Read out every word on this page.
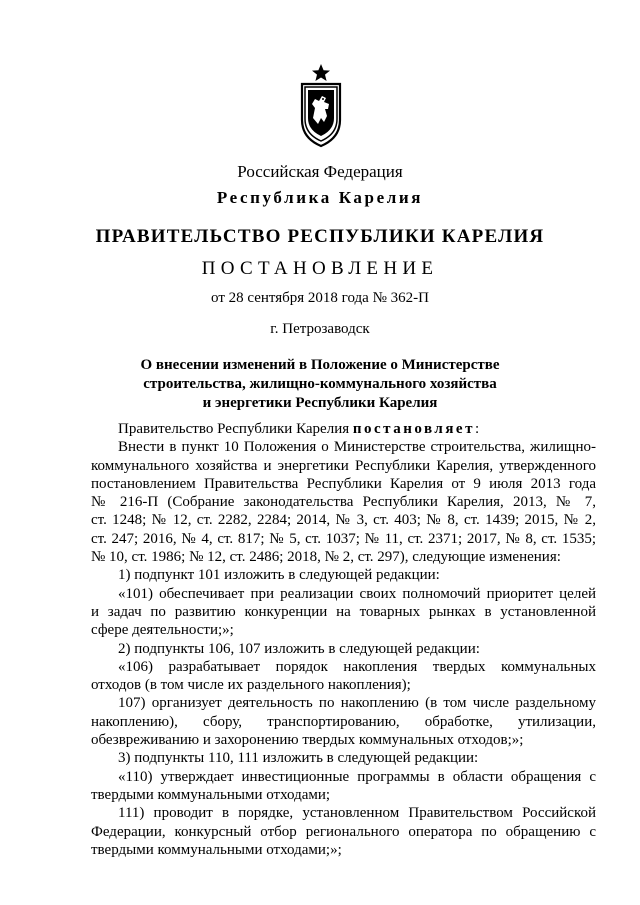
Российская Федерация
Республика Карелия
ПРАВИТЕЛЬСТВО РЕСПУБЛИКИ КАРЕЛИЯ
ПОСТАНОВЛЕНИЕ
от 28 сентября 2018 года № 362-П
г. Петрозаводск
О внесении изменений в Положение о Министерстве
строительства, жилищно-коммунального хозяйства
и энергетики Республики Карелия

Правительство Республики Карелия постановляет:

Внести в пункт 10 Положения о Министерстве строительства, жилищно-

коммунального хозяйства и энергетики Республики Карелия, утвержденного

постановлением Правительства Республики Карелия от 9 июля 2013 года

№ 216-П (Собрание законодательства Республики Карелия, 2013, № 7,

ст. 1248; № 12, ст. 2282, 2284; 2014, № 3, ст. 403; № 8, ст. 1439; 2015, № 2,

ст. 247; 2016, № 4, ст. 817; № 5, ст. 1037; № 11, ст. 2371; 2017, № 8, ст. 1535;

№ 10, ст. 1986; № 12, ст. 2486; 2018, № 2, ст. 297), следующие изменения:

1) подпункт 101 изложить в следующей редакции:

«101) обеспечивает при реализации своих полномочий приоритет целей

и задач по развитию конкуренции на товарных рынках в установленной

сфере деятельности;»;

2) подпункты 106, 107 изложить в следующей редакции:

«106) разрабатывает порядок накопления твердых коммунальных

отходов (в том числе их раздельного накопления);

107) организует деятельность по накоплению (в том числе раздельному

накоплению), сбору, транспортированию, обработке, утилизации,

обезвреживанию и захоронению твердых коммунальных отходов;»;

3) подпункты 110, 111 изложить в следующей редакции:

«110) утверждает инвестиционные программы в области обращения с

твердыми коммунальными отходами;

111) проводит в порядке, установленном Правительством Российской

Федерации, конкурсный отбор регионального оператора по обращению с

твердыми коммунальными отходами;»;
